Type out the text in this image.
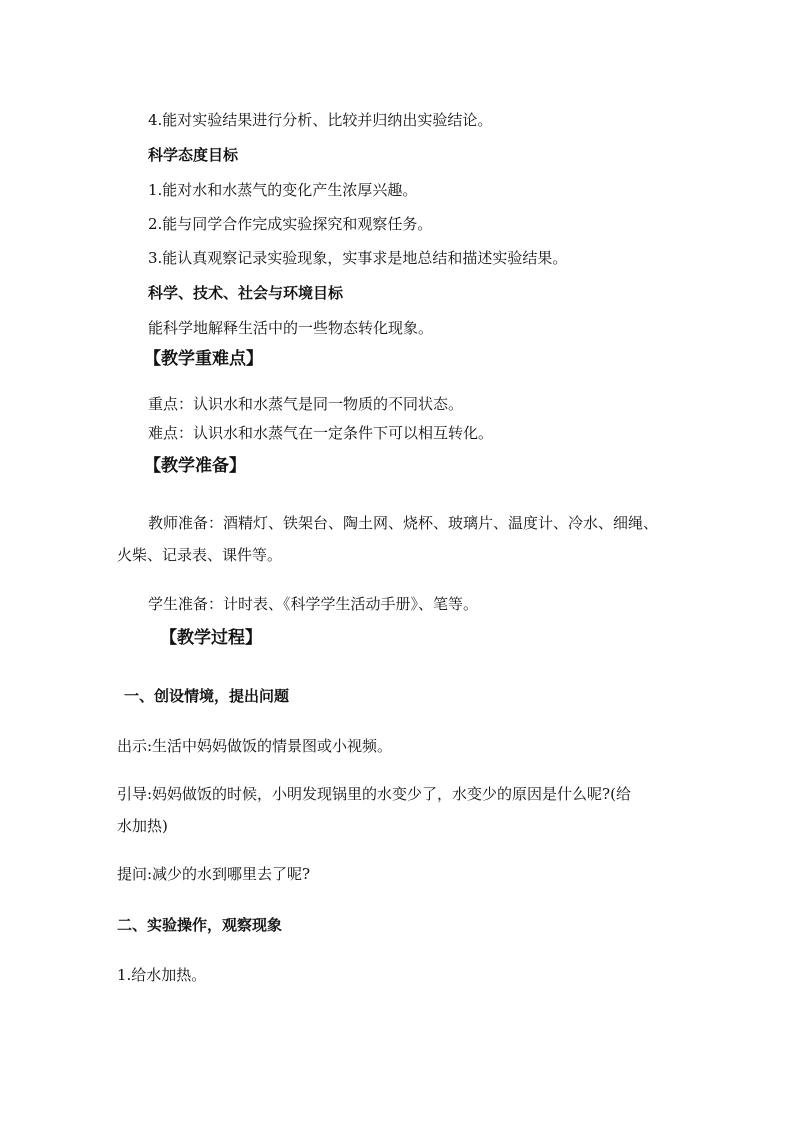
4.能对实验结果进行分析、比较并归纳出实验结论。
科学态度目标
1.能对水和水蒸气的变化产生浓厚兴趣。
2.能与同学合作完成实验探究和观察任务。
3.能认真观察记录实验现象，实事求是地总结和描述实验结果。
科学、技术、社会与环境目标
能科学地解释生活中的一些物态转化现象。
【教学重难点】
重点：认识水和水蒸气是同一物质的不同状态。
难点：认识水和水蒸气在一定条件下可以相互转化。
【教学准备】
教师准备：酒精灯、铁架台、陶土网、烧杯、玻璃片、温度计、冷水、细绳、
火柴、记录表、课件等。
学生准备：计时表、《科学学生活动手册》、笔等。
【教学过程】
一、创设情境，提出问题
出示:生活中妈妈做饭的情景图或小视频。
引导:妈妈做饭的时候，小明发现锅里的水变少了，水变少的原因是什么呢?(给
水加热)
提问:减少的水到哪里去了呢?
二、实验操作，观察现象
1.给水加热。
